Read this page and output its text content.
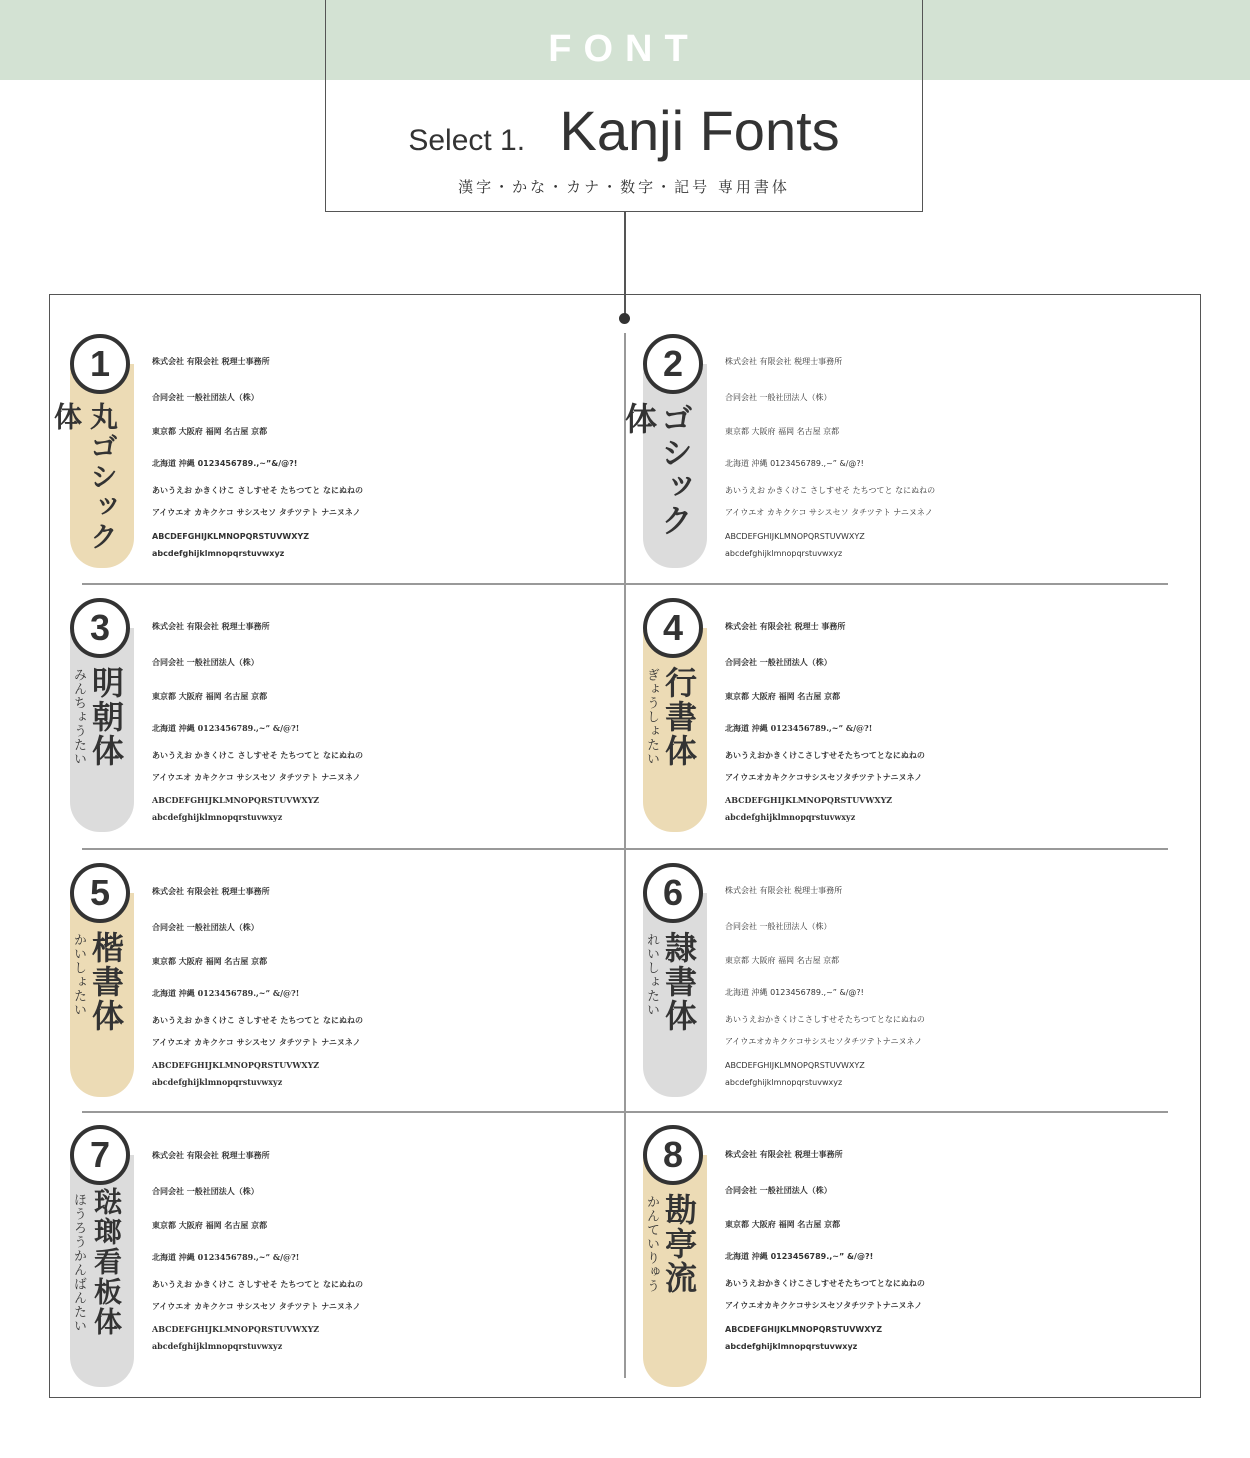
FONT
Select 1. Kanji Fonts
漢字・かな・カナ・数字・記号 専用書体
丸ゴシック体
1	株式会社 有限会社 税理士事務所
合同会社 一般社団法人（株）
東京都 大阪府 福岡 名古屋 京都
北海道 沖縄 0123456789.,~”&/@?!
あいうえお かきくけこ さしすせそ たちつてと なにぬねの
アイウエオ カキクケコ サシスセソ タチツテト ナニヌネノ
ABCDEFGHIJKLMNOPQRSTUVWXYZ
abcdefghijklmnopqrstuvwxyz
ゴシック体
2	株式会社 有限会社 税理士事務所
合同会社 一般社団法人（株）
東京都 大阪府 福岡 名古屋 京都
北海道 沖縄 0123456789.,~” &/@?!
あいうえお かきくけこ さしすせそ たちつてと なにぬねの
アイウエオ カキクケコ サシスセソ タチツテト ナニヌネノ
ABCDEFGHIJKLMNOPQRSTUVWXYZ
abcdefghijklmnopqrstuvwxyz
みんちょうたい 明朝体
3	株式会社 有限会社 税理士事務所
合同会社 一般社団法人（株）
東京都 大阪府 福岡 名古屋 京都
北海道 沖縄 0123456789.,~” &/@?!
あいうえお かきくけこ さしすせそ たちつてと なにぬねの
アイウエオ カキクケコ サシスセソ タチツテト ナニヌネノ
ABCDEFGHIJKLMNOPQRSTUVWXYZ
abcdefghijklmnopqrstuvwxyz
ぎょうしょたい 行書体
4	株式会社 有限会社 税理士 事務所
合同会社 一般社団法人（株）
東京都 大阪府 福岡 名古屋 京都
北海道 沖縄 0123456789.,~” &/@?!
あいうえおかきくけこさしすせそたちつてとなにぬねの
アイウエオカキクケコサシスセソタチツテトナニヌネノ
ABCDEFGHIJKLMNOPQRSTUVWXYZ
abcdefghijklmnopqrstuvwxyz
かいしょたい 楷書体
5	株式会社 有限会社 税理士事務所
合同会社 一般社団法人（株）
東京都 大阪府 福岡 名古屋 京都
北海道 沖縄 0123456789.,~” &/@?!
あいうえお かきくけこ さしすせそ たちつてと なにぬねの
アイウエオ カキクケコ サシスセソ タチツテト ナニヌネノ
ABCDEFGHIJKLMNOPQRSTUVWXYZ
abcdefghijklmnopqrstuvwxyz
れいしょたい 隷書体
6	株式会社 有限会社 税理士事務所
合同会社 一般社団法人（株）
東京都 大阪府 福岡 名古屋 京都
北海道 沖縄 0123456789.,~” &/@?!
あいうえおかきくけこさしすせそたちつてとなにぬねの
アイウエオカキクケコサシスセソタチツテトナニヌネノ
ABCDEFGHIJKLMNOPQRSTUVWXYZ
abcdefghijklmnopqrstuvwxyz
ほうろうかんばんたい 琺瑯看板体
7	株式会社 有限会社 税理士事務所
合同会社 一般社団法人（株）
東京都 大阪府 福岡 名古屋 京都
北海道 沖縄 0123456789.,~” &/@?!
あいうえお かきくけこ さしすせそ たちつてと なにぬねの
アイウエオ カキクケコ サシスセソ タチツテト ナニヌネノ
ABCDEFGHIJKLMNOPQRSTUVWXYZ
abcdefghijklmnopqrstuvwxyz
かんていりゅう 勘亭流
8	株式会社 有限会社 税理士事務所
合同会社 一般社団法人（株）
東京都 大阪府 福岡 名古屋 京都
北海道 沖縄 0123456789.,~” &/@?!
あいうえおかきくけこさしすせそたちつてとなにぬねの
アイウエオカキクケコサシスセソタチツテトナニヌネノ
ABCDEFGHIJKLMNOPQRSTUVWXYZ
abcdefghijklmnopqrstuvwxyz
